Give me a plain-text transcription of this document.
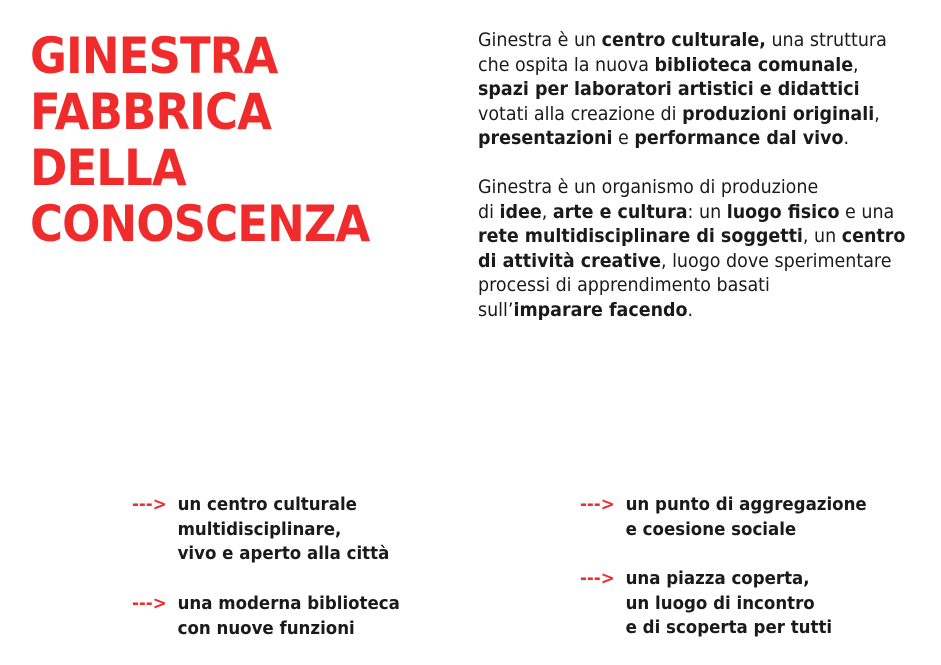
GINESTRA
FABBRICA
DELLA
CONOSCENZA

Ginestra è un centro culturale, una struttura
che ospita la nuova biblioteca comunale,
spazi per laboratori artistici e didattici
votati alla creazione di produzioni originali,
presentazioni e performance dal vivo.

Ginestra è un organismo di produzione
di idee, arte e cultura: un luogo fisico e una
rete multidisciplinare di soggetti, un centro
di attività creative, luogo dove sperimentare
processi di apprendimento basati
sull’imparare facendo.

---> un centro culturale
multidisciplinare,
vivo e aperto alla città
---> una moderna biblioteca
con nuove funzioni
---> un punto di aggregazione
e coesione sociale
---> una piazza coperta,
un luogo di incontro
e di scoperta per tutti
